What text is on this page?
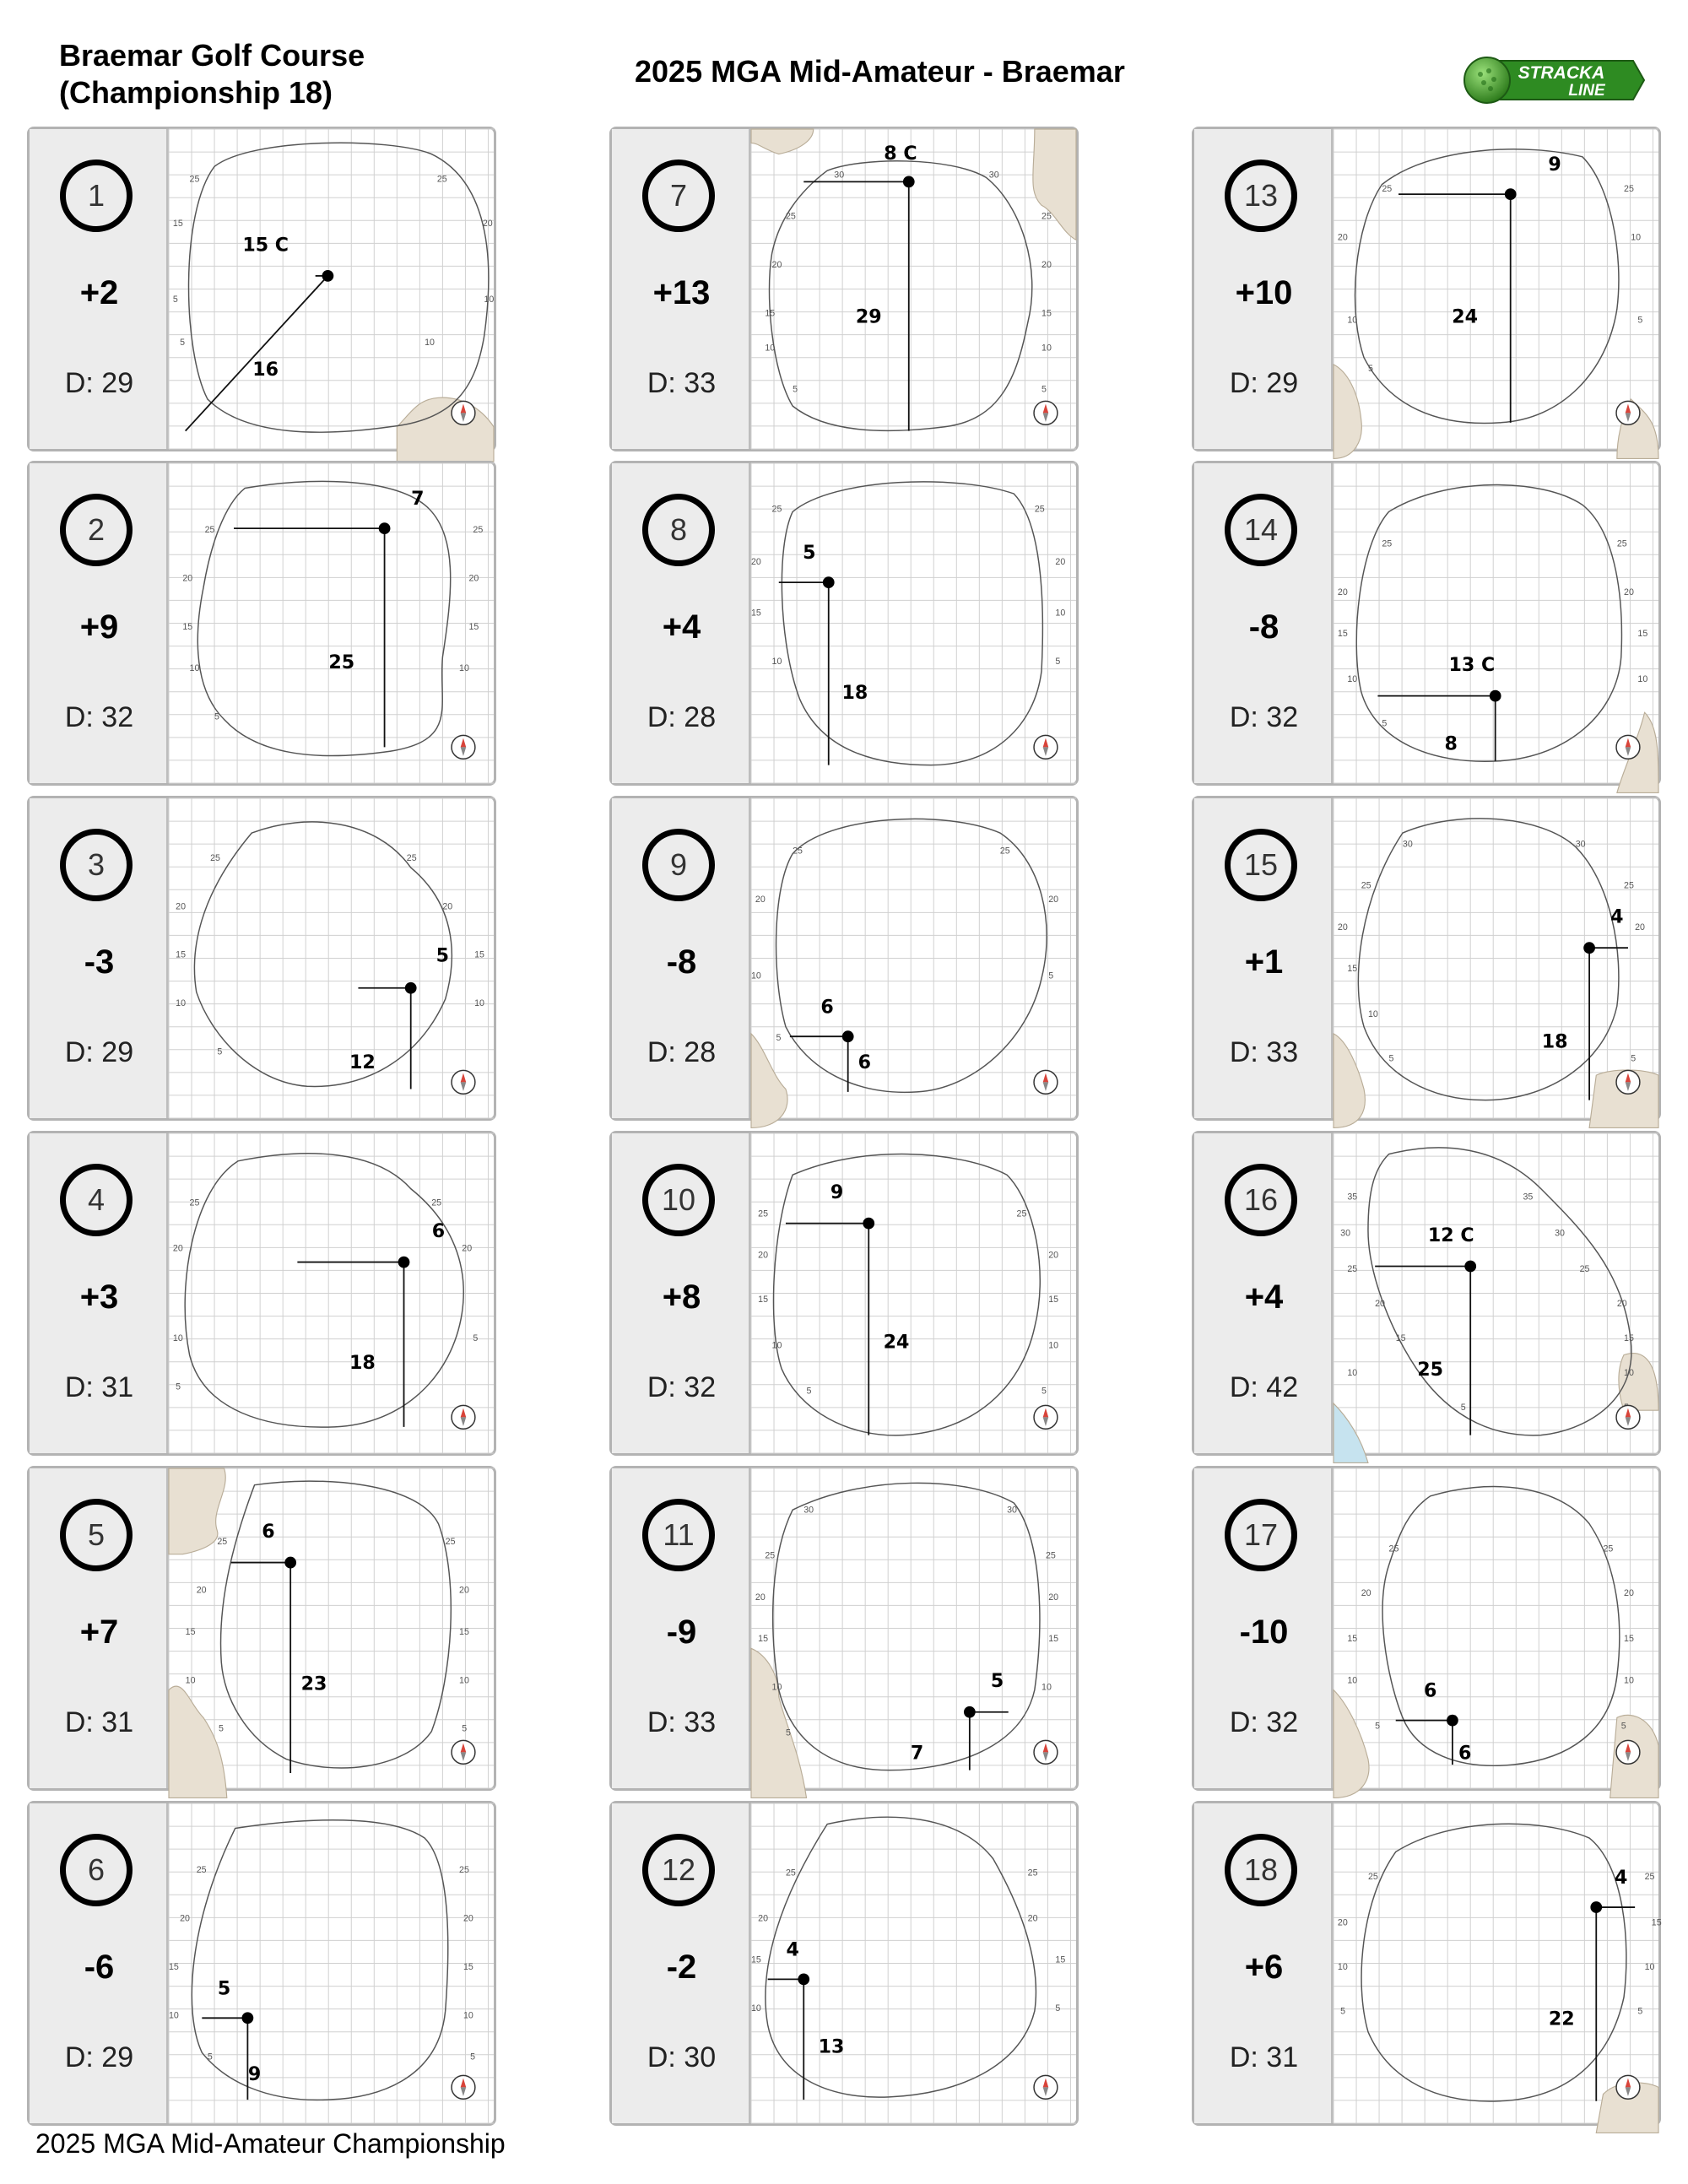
Braemar Golf Course
(Championship 18)
2025 MGA Mid-Amateur - Braemar	STRACKA
LINE
1
+2
D: 29
25	25
20
15
10
5
10
5
15 C
16
2
+9
D: 32
25	25
20	20
15	15
10	10
5
7
25
3
-3
D: 29
25	25
20	20
15	15
10	10
5
5
12
4
+3
D: 31
25	25
20	20
10	5
5
6
18
5
+7
D: 31
25	25
20	20
15	15
10	10
5	5
6
23
6
-6
D: 29
25	25
20	20
15	15
10	10
5	5
5
9
7
+13
D: 33
30	30
25	25
20	20
15	15
10	10
5	5
8 C
29
8
+4
D: 28
25	25
20	20
15	10
10	5
5
18
9
-8
D: 28
25	25
20	20
10	5
5
6
6
10
+8
D: 32
25	25
20	20
15	15
10	10
5	5
9
24
11
-9
D: 33
30	30
25	25
20	20
15	15
10	10
5
5
7
12
-2
D: 30
25	25
20	20
15	15
10	5
4
13
13
+10
D: 29
25	25
20	10
10	5
5
9
24
14
-8
D: 32
25	25
20	20
15	15
10	10
5
13 C
8
15
+1
D: 33
30	30
25	25
20	20
15
10
5	5
4
18
16
+4
D: 42
35	35
30	30
25	25
20	20
15	15
10
10
5
12 C
25
17
-10
D: 32
25	25
20	20
15	15
10	10
5	5
6
6
18
+6
D: 31
25	25
20	15
10	10
5	5
4
22
2025 MGA Mid-Amateur Championship
